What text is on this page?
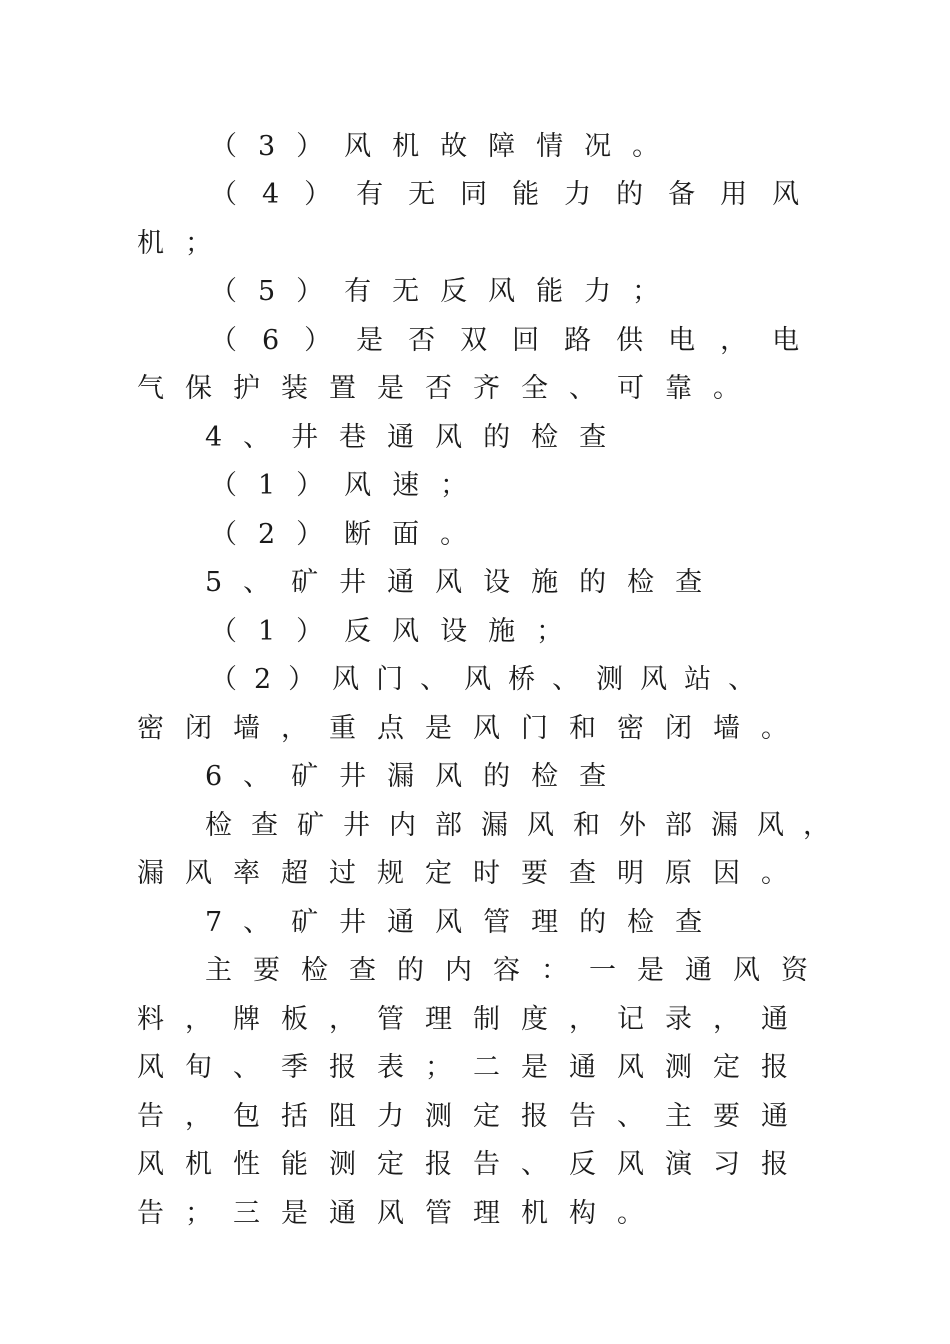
（3）风机故障情况。
（4）有无同能力的备用风
机；
（5）有无反风能力；
（6）是否双回路供电，电
气保护装置是否齐全、可靠。
4、井巷通风的检查
（1）风速；
（2）断面。
5、矿井通风设施的检查
（1）反风设施；
（2）风门、风桥、测风站、
密闭墙，重点是风门和密闭墙。
6、矿井漏风的检查
检查矿井内部漏风和外部漏风，
漏风率超过规定时要查明原因。
7、矿井通风管理的检查
主要检查的内容：一是通风资
料，牌板，管理制度，记录，通
风旬、季报表；二是通风测定报
告，包括阻力测定报告、主要通
风机性能测定报告、反风演习报
告；三是通风管理机构。
